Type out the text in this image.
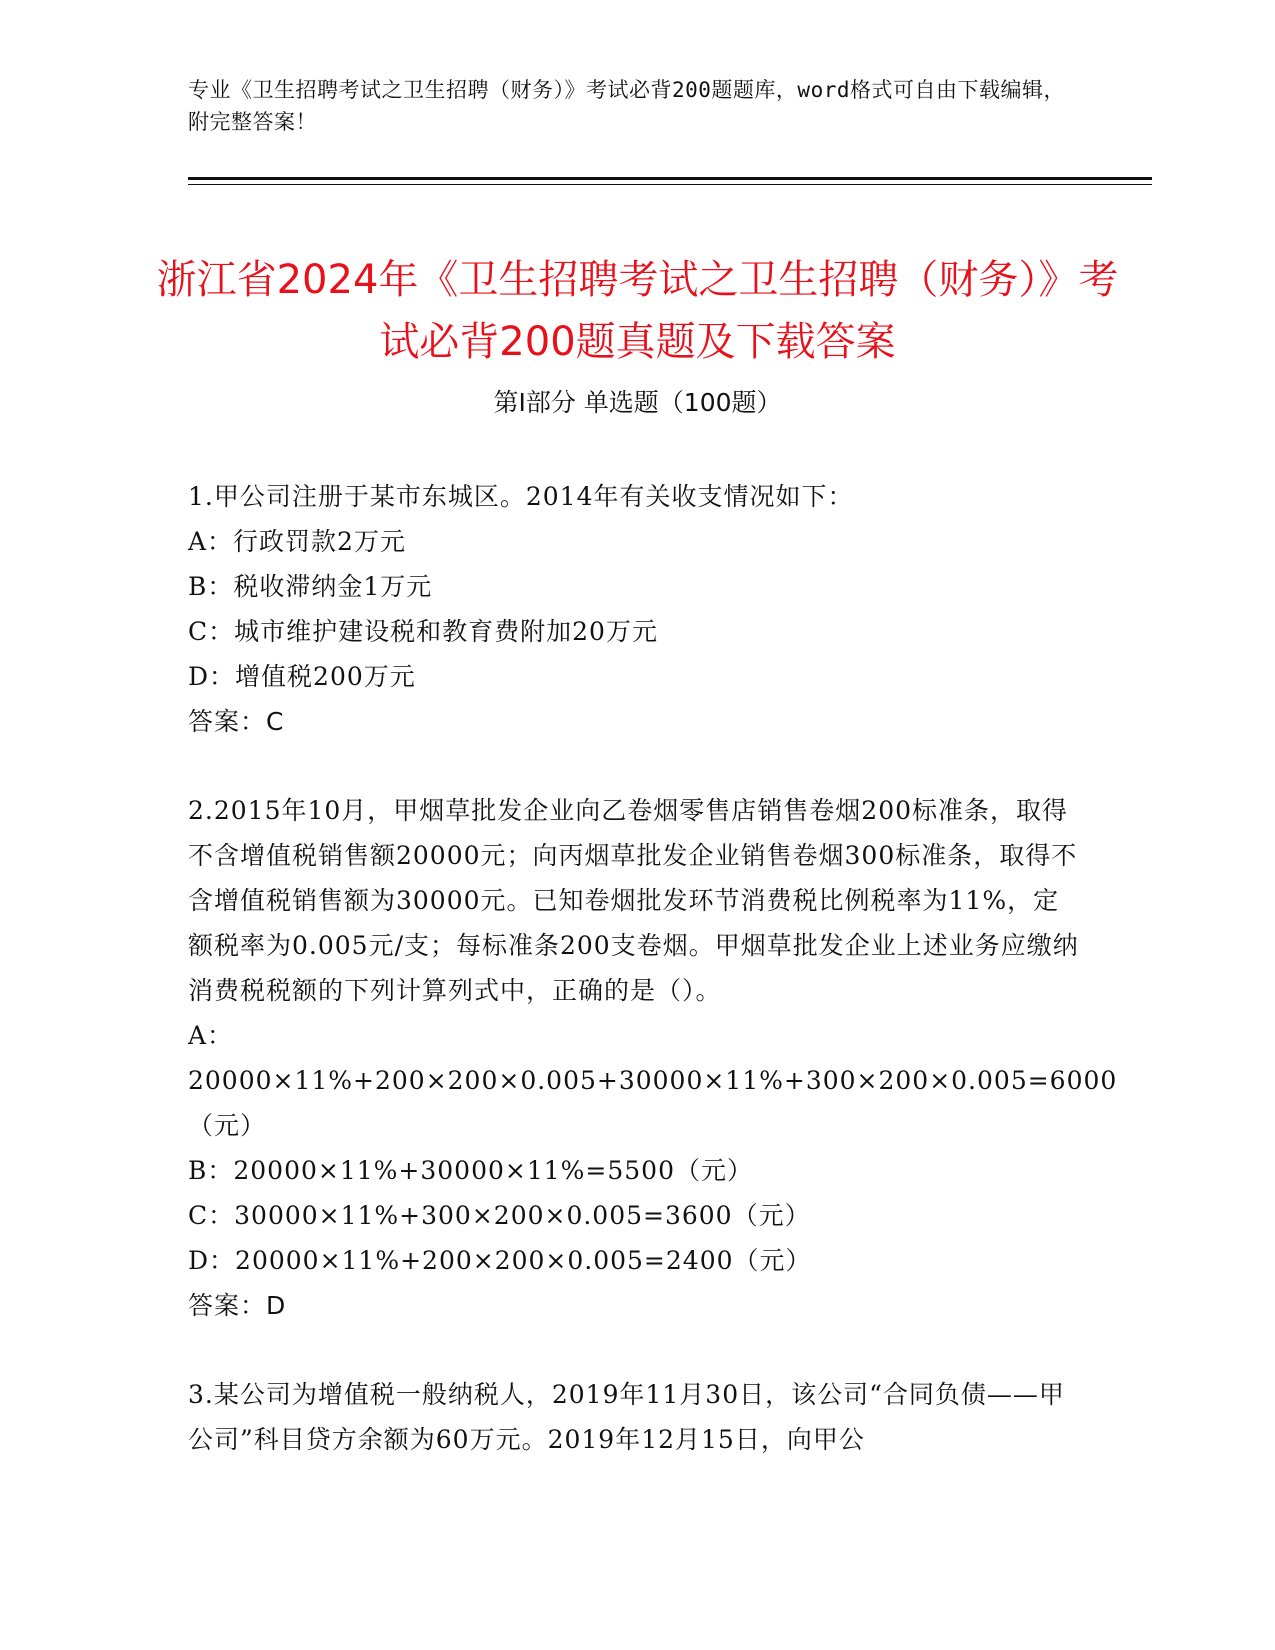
专业《卫生招聘考试之卫生招聘（财务）》考试必背200题题库，word格式可自由下载编辑，附完整答案！
浙江省2024年《卫生招聘考试之卫生招聘（财务）》考试必背200题真题及下载答案
第Ⅰ部分 单选题（100题）

1.甲公司注册于某市东城区。2014年有关收支情况如下：

A：行政罚款2万元

B：税收滞纳金1万元

C：城市维护建设税和教育费附加20万元

D：增值税200万元

答案：C

2.2015年10月，甲烟草批发企业向乙卷烟零售店销售卷烟200标准条，取得不含增值税销售额20000元；向丙烟草批发企业销售卷烟300标准条，取得不含增值税销售额为30000元。已知卷烟批发环节消费税比例税率为11%，定额税率为0.005元/支；每标准条200支卷烟。甲烟草批发企业上述业务应缴纳消费税税额的下列计算列式中，正确的是（）。

A：20000×11%+200×200×0.005+30000×11%+300×200×0.005=6000（元）

B：20000×11%+30000×11%=5500（元）

C：30000×11%+300×200×0.005=3600（元）

D：20000×11%+200×200×0.005=2400（元）

答案：D

3.某公司为增值税一般纳税人，2019年11月30日，该公司“合同负债——甲公司”科目贷方余额为60万元。2019年12月15日，向甲公
